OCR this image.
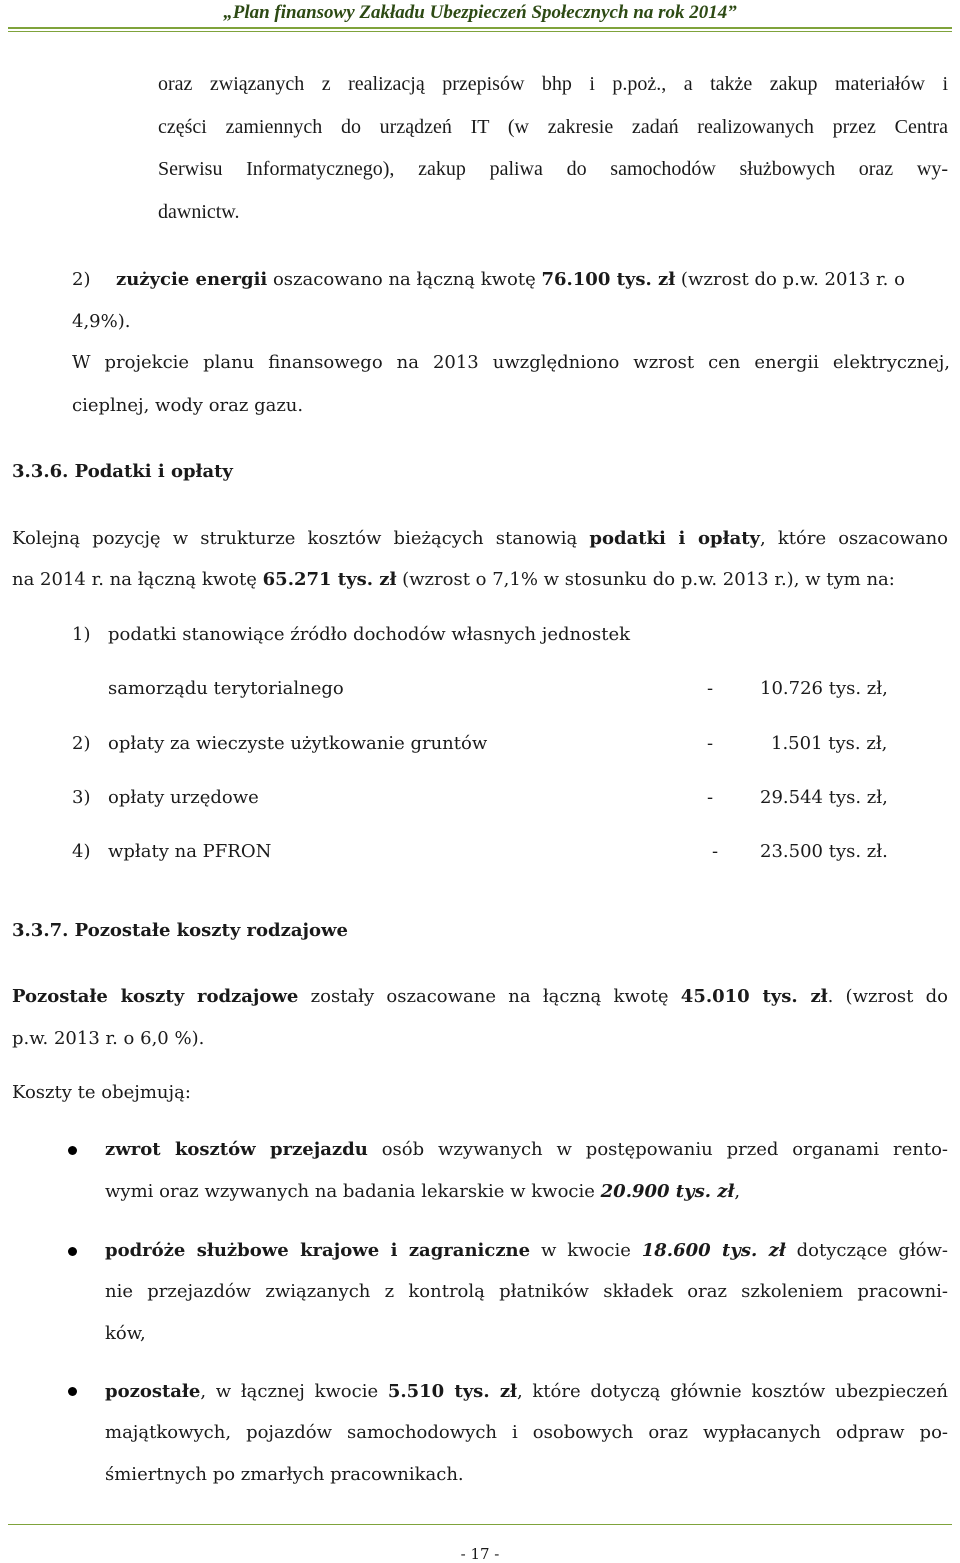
„Plan finansowy Zakładu Ubezpieczeń Społecznych na rok 2014”
oraz związanych z realizacją przepisów bhp i p.poż., a także zakup materiałów i
części zamiennych do urządzeń IT (w zakresie zadań realizowanych przez Centra
Serwisu Informatycznego), zakup paliwa do samochodów służbowych oraz wy-
dawnictw.
2) zużycie energii oszacowano na łączną kwotę 76.100 tys. zł (wzrost do p.w. 2013 r. o
4,9%).
W projekcie planu finansowego na 2013 uwzględniono wzrost cen energii elektrycznej,
cieplnej, wody oraz gazu.
3.3.6. Podatki i opłaty
Kolejną pozycję w strukturze kosztów bieżących stanowią podatki i opłaty, które oszacowano
na 2014 r. na łączną kwotę 65.271 tys. zł (wzrost o 7,1% w stosunku do p.w. 2013 r.), w tym na:
1) podatki stanowiące źródło dochodów własnych jednostek
samorządu terytorialnego	-	10.726 tys. zł,
2) opłaty za wieczyste użytkowanie gruntów	-	1.501 tys. zł,
3) opłaty urzędowe	-	29.544 tys. zł,
4) wpłaty na PFRON	- 23.500 tys. zł.
3.3.7. Pozostałe koszty rodzajowe
Pozostałe koszty rodzajowe zostały oszacowane na łączną kwotę 45.010 tys. zł. (wzrost do
p.w. 2013 r. o 6,0 %).
Koszty te obejmują:
zwrot kosztów przejazdu osób wzywanych w postępowaniu przed organami rento-
wymi oraz wzywanych na badania lekarskie w kwocie 20.900 tys. zł,
podróże służbowe krajowe i zagraniczne w kwocie 18.600 tys. zł dotyczące głów-
nie przejazdów związanych z kontrolą płatników składek oraz szkoleniem pracowni-
ków,
pozostałe, w łącznej kwocie 5.510 tys. zł, które dotyczą głównie kosztów ubezpieczeń
majątkowych, pojazdów samochodowych i osobowych oraz wypłacanych odpraw po-
śmiertnych po zmarłych pracownikach.
- 17 -
